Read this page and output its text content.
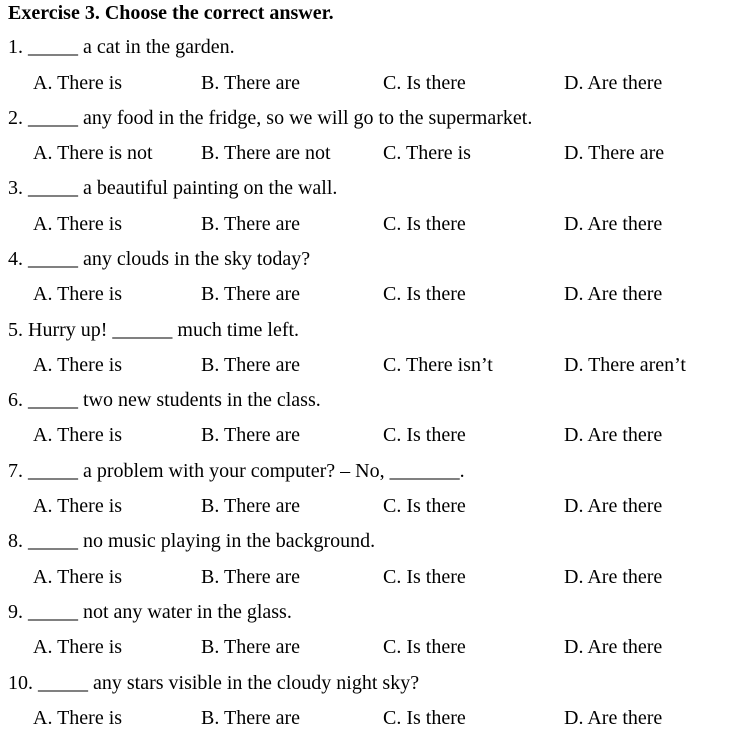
Exercise 3. Choose the correct answer.
1. _____ a cat in the garden.
A. There is	B. There are	C. Is there	D. Are there
2. _____ any food in the fridge, so we will go to the supermarket.
A. There is not B. There are not	C. There is	D. There are
3. _____ a beautiful painting on the wall.
A. There is	B. There are	C. Is there	D. Are there
4. _____ any clouds in the sky today?
A. There is	B. There are	C. Is there	D. Are there
5. Hurry up! ______ much time left.
A. There is	B. There are	C. There isn’t	D. There aren’t
6. _____ two new students in the class.
A. There is	B. There are	C. Is there	D. Are there
7. _____ a problem with your computer? – No, _______.
A. There is	B. There are	C. Is there	D. Are there
8. _____ no music playing in the background.
A. There is	B. There are	C. Is there	D. Are there
9. _____ not any water in the glass.
A. There is	B. There are	C. Is there	D. Are there
10. _____ any stars visible in the cloudy night sky?
A. There is	B. There are	C. Is there	D. Are there
